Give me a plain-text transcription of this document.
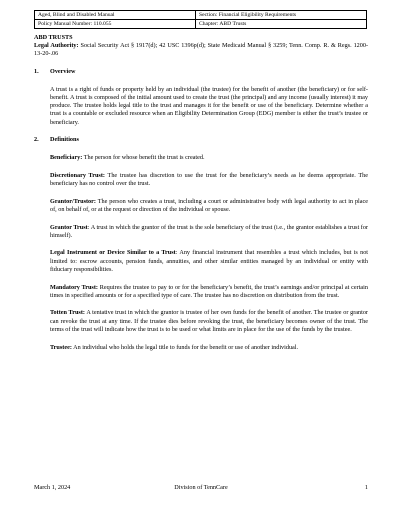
Aged, Blind and Disabled Manual	Section: Financial Eligibility Requirements
Policy Manual Number: 110.055	Chapter: ABD Trusts

ABD TRUSTS

Legal Authority: Social Security Act § 1917(d); 42 USC 1396p(d); State Medicaid Manual § 3259; Tenn. Comp. R. & Regs. 1200-13-20-.06

1. Overview

A trust is a right of funds or property held by an individual (the trustee) for the benefit of another (the beneficiary) or for self-benefit. A trust is composed of the initial amount used to create the trust (the principal) and any income (usually interest) it may produce. The trustee holds legal title to the trust and manages it for the benefit or use of the beneficiary. Determine whether a trust is a countable or excluded resource when an Eligibility Determination Group (EDG) member is either the trust’s trustee or beneficiary.

2. Definitions

Beneficiary: The person for whose benefit the trust is created.

Discretionary Trust: The trustee has discretion to use the trust for the beneficiary’s needs as he deems appropriate. The beneficiary has no control over the trust.

Grantor/Trustor: The person who creates a trust, including a court or administrative body with legal authority to act in place of, on behalf of, or at the request or direction of the individual or spouse.

Grantor Trust: A trust in which the grantor of the trust is the sole beneficiary of the trust (i.e., the grantor establishes a trust for himself).

Legal Instrument or Device Similar to a Trust: Any financial instrument that resembles a trust which includes, but is not limited to: escrow accounts, pension funds, annuities, and other similar entities managed by an individual or entity with fiduciary responsibilities.

Mandatory Trust: Requires the trustee to pay to or for the beneficiary’s benefit, the trust’s earnings and/or principal at certain times in specified amounts or for a specified type of care. The trustee has no discretion on distribution from the trust.

Totten Trust: A tentative trust in which the grantor is trustee of her own funds for the benefit of another. The trustee or grantor can revoke the trust at any time. If the trustee dies before revoking the trust, the beneficiary becomes owner of the trust. The terms of the trust will indicate how the trust is to be used or what limits are in place for the use of the funds by the trustee.

Trustee: An individual who holds the legal title to funds for the benefit or use of another individual.

March 1, 2024	Division of TennCare	1
